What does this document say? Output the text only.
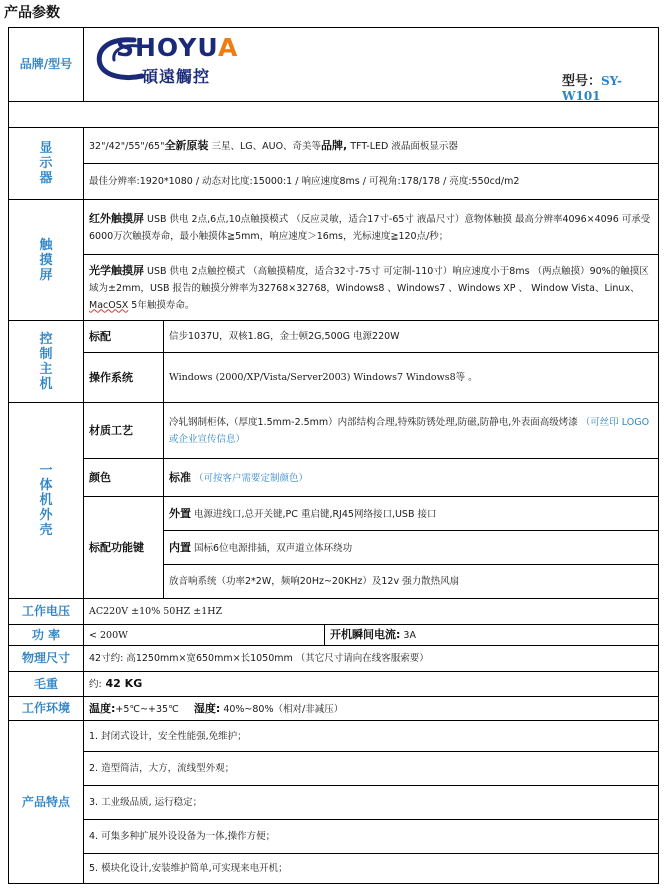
产品参数
品牌/型号	SHOYUA
碩遠觸控 型号：SY-W101		

显
示
器	32"/42"/55"/65"全新原装 三星、LG、AUO、奇美等品牌, TFT-LED 液晶面板显示器		
	最佳分辨率:1920*1080 / 动态对比度:15000:1 / 响应速度8ms / 可视角:178/178 / 亮度:550cd/m2		

触
摸
屏	红外触摸屏 USB 供电 2点,6点,10点触摸模式 （反应灵敏，适合17寸-65寸 液晶尺寸）意物体触摸 最高分辨率4096×4096 可承受6000万次触摸寿命，最小触摸体≧5mm，响应速度＞16ms，光标速度≧120点/秒；		
	光学触摸屏 USB 供电 2点触控模式 （高触摸精度，适合32寸-75寸 可定制-110寸）响应速度小于8ms （两点触摸）90%的触摸区域为±2mm，USB 报告的触摸分辨率为32768×32768，Windows8 、Windows7 、Windows XP 、 Window Vista、Linux、MacOSX 5年触摸寿命。		

控
制
主
机	标配	信步1037U，双核1.8G，金士顿2G,500G 电源220W	
	操作系统	Windows (2000/XP/Vista/Server2003) Windows7 Windows8等 。	

一
体
机
外
壳	材质工艺	冷轧钢制柜体,（厚度1.5mm-2.5mm）内部结构合理,特殊防锈处理,防磁,防静电,外表面高级烤漆 （可丝印 LOGO 或企业宣传信息）	
	颜色	标准 （可按客户需要定制颜色）	
	标配功能键	外置 电源进线口,总开关键,PC 重启键,RJ45网络接口,USB 接口	
		内置 国标6位电源排插，双声道立体环绕功	
		放音响系统（功率2*2W，频响20Hz~20KHz）及12v 强力散热风扇	
工作电压	AC220V ±10% 50HZ ±1HZ		
功 率	< 200W		开机瞬间电流: 3A
物理尺寸	42寸约: 高1250mm×宽650mm×长1050mm （其它尺寸请向在线客服索要）		
毛重	约: 42 KG		
工作环境	温度:+5℃~+35℃ 湿度: 40%~80%（相对/非减压）		
产品特点	1. 封闭式设计，安全性能强,免维护；		
	2. 造型简洁，大方，流线型外观；		
	3. 工业级品质, 运行稳定；		
	4. 可集多种扩展外设设备为一体,操作方便；		
	5. 模块化设计,安装维护简单,可实现来电开机；		
